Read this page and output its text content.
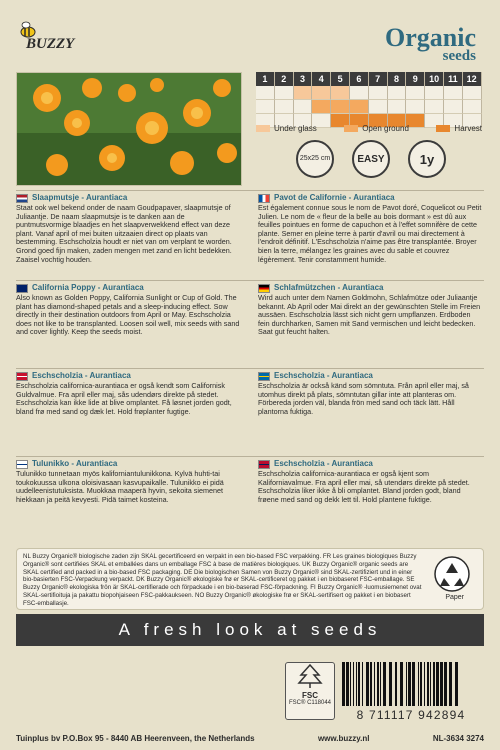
BUZZY	Organic
seeds
1	2	3	4	5	6	7	8	9	10	11	12
Under glass	Open ground	Harvest
25x25 cm	EASY	1y
Slaapmutsje - Aurantiaca
Staat ook wel bekend onder de naam Goudpapaver, slaapmutsje of Juliaantje. De naam slaapmutsje is te danken aan de puntmutsvormige blaadjes en het slaapverwekkend effect van deze plant. Vanaf april of mei buiten uitzaaien direct op plaats van bestemming. Eschscholzia houdt er niet van om verplant te worden. Grond goed fijn maken, zaden mengen met zand en licht bedekken. Zaaisel vochtig houden.
Pavot de Californie - Aurantiaca
Est également connue sous le nom de Pavot doré, Coquelicot ou Petit Julien. Le nom de « fleur de la belle au bois dormant » est dû aux feuilles pointues en forme de capuchon et à l'effet somnifère de cette plante. Semer en pleine terre à partir d'avril ou mai directement à l'endroit définitif. L'Eschscholzia n'aime pas être transplantée. Broyer bien la terre, mélangez les graines avec du sable et couvrez légèrement. Tenir constamment humide.
California Poppy - Aurantiaca
Also known as Golden Poppy, California Sunlight or Cup of Gold. The plant has diamond-shaped petals and a sleep-inducing effect. Sow directly in their destination outdoors from April or May. Eschscholzia does not like to be transplanted. Loosen soil well, mix seeds with sand and cover lightly. Keep the seeds moist.
Schlafmützchen - Aurantiaca
Wird auch unter dem Namen Goldmohn, Schlafmütze oder Juliaantje bekannt. Ab April oder Mai direkt an der gewünschten Stelle im Freien aussäen. Eschscholzia lässt sich nicht gern umpflanzen. Erdboden fein durchharken, Samen mit Sand vermischen und leicht bedecken. Saat gut feucht halten.
Eschscholzia - Aurantiaca
Eschscholzia californica-aurantiaca er også kendt som Californisk Guldvalmue. Fra april eller maj, sås udendørs direkte på stedet. Eschscholzia kan ikke lide at blive omplantet. Få løsnet jorden godt, bland frø med sand og dæk let. Hold frøplanter fugtige.
Eschscholzia - Aurantiaca
Eschscholzia är också känd som sömntuta. Från april eller maj, så utomhus direkt på plats, sömntutan gillar inte att planteras om. Förbereda jorden väl, blanda frön med sand och täck lätt. Håll plantorna fuktiga.
Tulunikko - Aurantiaca
Tulunikko tunnetaan myös kaliforniantulunikkona. Kylvä huhti-tai toukokuussa ulkona oloisivasaan kasvupaikalle. Tulunikko ei pidä uudelleenistutuksista. Muokkaa maaperä hyvin, sekoita siemenet hiekkaan ja peitä kevyesti. Pidä taimet kosteina.
Eschscholzia - Aurantiaca
Eschscholzia californica-aurantiaca er også kjent som Kaliforniavalmue. Fra april eller mai, så utendørs direkte på stedet. Eschscholzia liker ikke å bli omplantet. Bland jorden godt, bland frøene med sand og dekk lett til. Hold plantene fuktige.
NL Buzzy Organic® biologische zaden zijn SKAL gecertificeerd en verpakt in een bio-based FSC verpakking. FR Les graines biologiques Buzzy Organic® sont certifiées SKAL et emballées dans un emballage FSC à base de matières biologiques. UK Buzzy Organic® organic seeds are SKAL certified and packed in a bio-based FSC packaging. DE Die biologischen Samen von Buzzy Organic® sind SKAL-zertifiziert und in einer bio-basierten FSC-Verpackung verpackt. DK Buzzy Organic® økologiske frø er SKAL-certificeret og pakket i en biobaseret FSC-emballage. SE Buzzy Organic® ekologiska frön är SKAL-certifierade och förpackade i en bio-baserad FSC-förpackning. FI Buzzy Organic® -luomusiemenet ovat SKAL-sertifioituja ja pakattu biopohjaiseen FSC-pakkaukseen. NO Buzzy Organic® økologiske frø er SKAL-sertifisert og pakket i en biobasert FSC-emballasje.
Paper
A fresh look at seeds
FSC
FSC® C118044
8 711117 942894
Tuinplus bv P.O.Box 95 - 8440 AB Heerenveen, the Netherlands	www.buzzy.nl	NL-3634 3274
